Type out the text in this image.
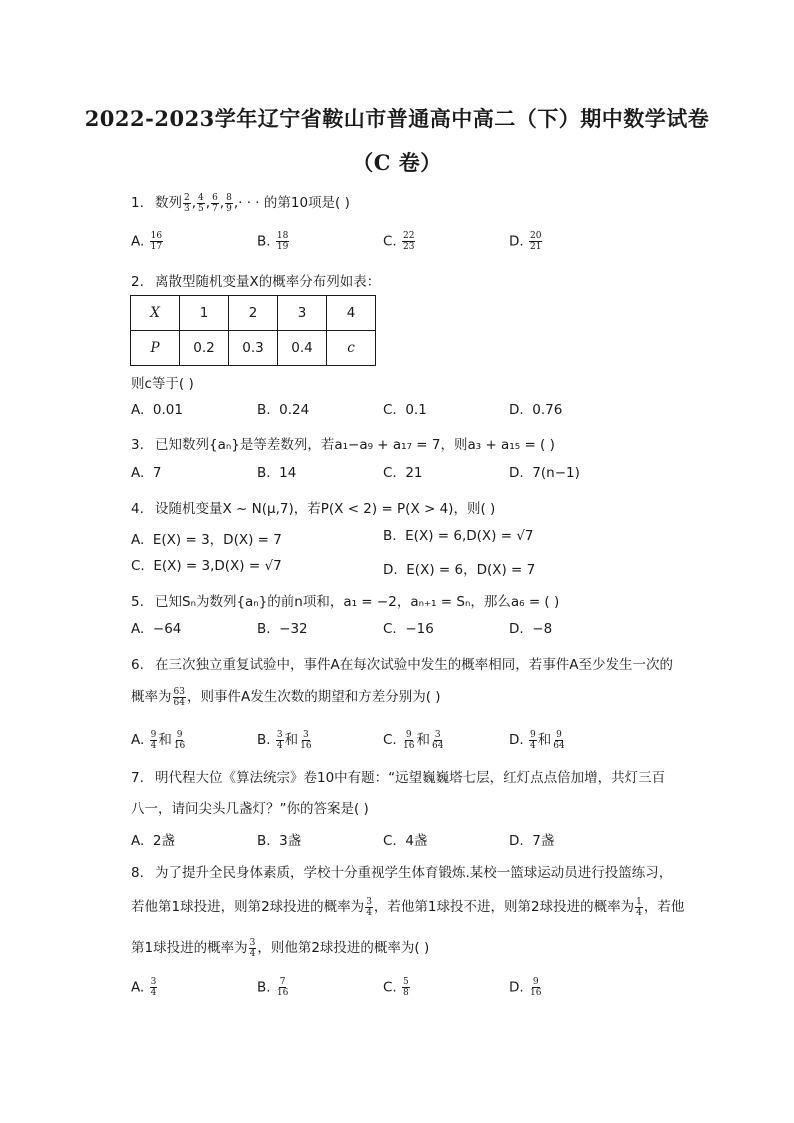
2022-2023学年辽宁省鞍山市普通高中高二（下）期中数学试卷
（C 卷）
1. 数列 $\frac{2}{3}$ , $\frac{4}{5}$ , $\frac{6}{7}$ , $\frac{8}{9}$ ,· · · 的第10项是( )
A. $\frac{16}{17}$	B. $\frac{18}{19}$	C. $\frac{22}{23}$	D. $\frac{20}{21}$
2. 离散型随机变量X的概率分布列如表：
X	1	2	3	4
P	0.2	0.3	0.4	c
则c等于( )
A. 0.01	B. 0.24	C. 0.1	D. 0.76
3. 已知数列{aₙ}是等差数列，若a₁−a₉ + a₁₇ = 7，则a₃ + a₁₅ = ( )
A. 7	B. 14	C. 21	D. 7(n−1)
4. 设随机变量X ~ N(μ,7)，若P(X < 2) = P(X > 4)，则( )
A. E(X) = 3，D(X) = 7	B. E(X) = 6,D(X) = √7
C. E(X) = 3,D(X) = √7	D. E(X) = 6，D(X) = 7
5. 已知Sₙ为数列{aₙ}的前n项和，a₁ = −2，aₙ₊₁ = Sₙ，那么a₆ = ( )
A. −64	B. −32	C. −16	D. −8
6. 在三次独立重复试验中，事件A在每次试验中发生的概率相同，若事件A至少发生一次的
概率为 $\frac{63}{64}$ ，则事件A发生次数的期望和方差分别为( )
A. $\frac{9}{4}$ 和 $\frac{9}{16}$	B. $\frac{3}{4}$ 和 $\frac{3}{16}$	C. $\frac{9}{16}$ 和 $\frac{3}{64}$	D. $\frac{9}{4}$ 和 $\frac{9}{64}$
7. 明代程大位《算法统宗》卷10中有题：“远望巍巍塔七层，红灯点点倍加增，共灯三百
八一，请问尖头几盏灯？”你的答案是( )
A. 2盏	B. 3盏	C. 4盏	D. 7盏
8. 为了提升全民身体素质，学校十分重视学生体育锻炼.某校一篮球运动员进行投篮练习，
若他第1球投进，则第2球投进的概率为 $\frac{3}{4}$ ，若他第1球投不进，则第2球投进的概率为 $\frac{1}{4}$ ，若他
第1球投进的概率为 $\frac{3}{4}$ ，则他第2球投进的概率为( )
A. $\frac{3}{4}$	B. $\frac{7}{16}$	C. $\frac{5}{8}$	D. $\frac{9}{16}$
